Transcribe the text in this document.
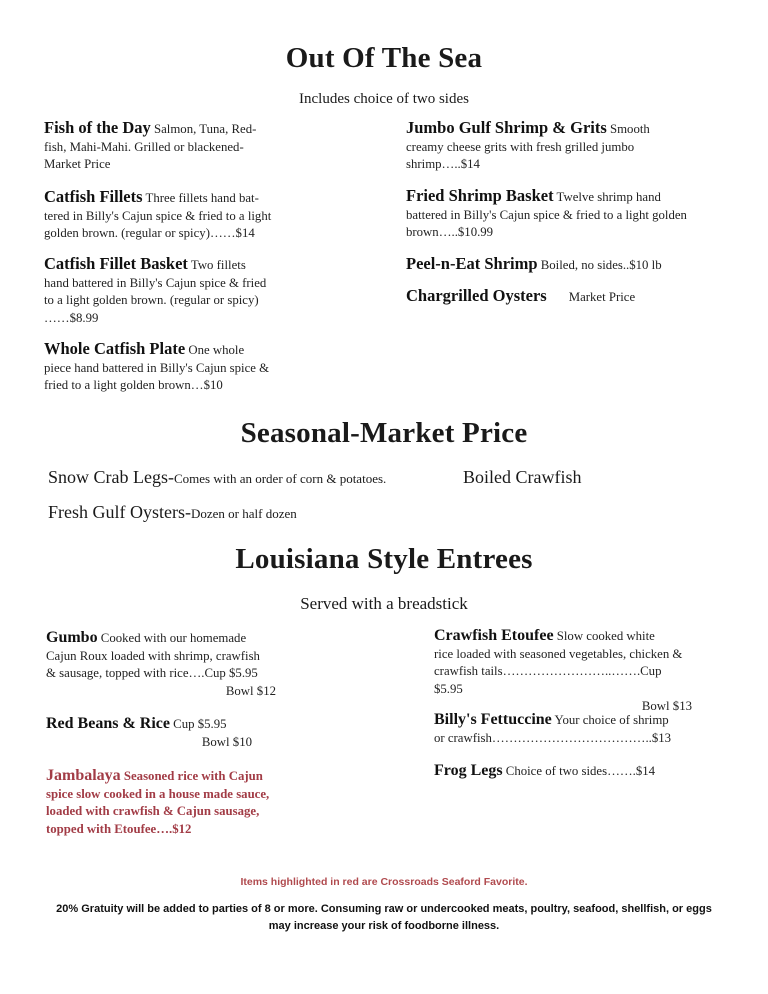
Out Of The Sea
Includes choice of two sides
Fish of the Day Salmon, Tuna, Red-
fish, Mahi-Mahi. Grilled or blackened-
Market Price
Catfish Fillets Three fillets hand bat-
tered in Billy's Cajun spice & fried to a light
golden brown. (regular or spicy)……$14
Catfish Fillet Basket Two fillets
hand battered in Billy's Cajun spice & fried
to a light golden brown. (regular or spicy)
……$8.99
Whole Catfish Plate One whole
piece hand battered in Billy's Cajun spice &
fried to a light golden brown…$10
Jumbo Gulf Shrimp & Grits Smooth
creamy cheese grits with fresh grilled jumbo
shrimp…..$14
Fried Shrimp Basket Twelve shrimp hand
battered in Billy's Cajun spice & fried to a light golden
brown…..$10.99
Peel-n-Eat Shrimp Boiled, no sides..$10 lb
Chargrilled Oysters Market Price
Seasonal-Market Price
Snow Crab Legs-Comes with an order of corn & potatoes.	Boiled Crawfish
Fresh Gulf Oysters-Dozen or half dozen
Louisiana Style Entrees
Served with a breadstick
Gumbo Cooked with our homemade
Cajun Roux loaded with shrimp, crawfish
& sausage, topped with rice….Cup $5.95

Bowl $12
Red Beans & Rice Cup $5.95

Bowl $10
Jambalaya Seasoned rice with Cajun
spice slow cooked in a house made sauce,
loaded with crawfish & Cajun sausage,
topped with Etoufee….$12
Crawfish Etoufee Slow cooked white
rice loaded with seasoned vegetables, chicken &
crawfish tails……………………..…….Cup $5.95

Bowl $13
Billy's Fettuccine Your choice of shrimp
or crawfish………………………………..$13
Frog Legs Choice of two sides…….$14
Items highlighted in red are Crossroads Seaford Favorite.
20% Gratuity will be added to parties of 8 or more. Consuming raw or undercooked meats, poultry, seafood, shellfish, or eggs
may increase your risk of foodborne illness.
